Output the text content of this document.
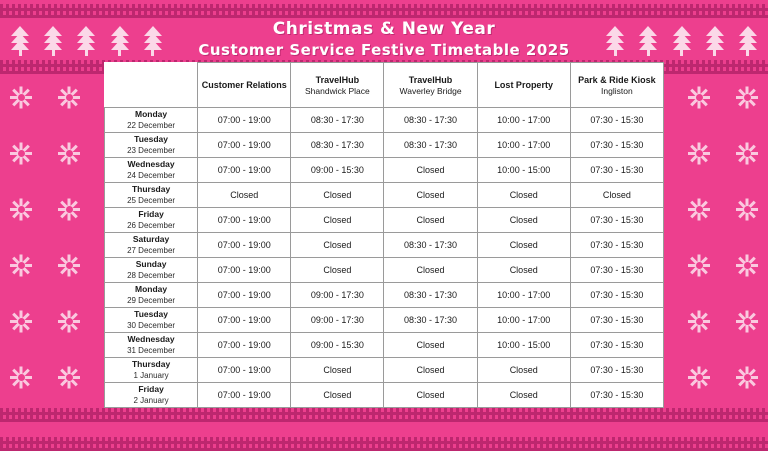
Christmas & New Year
Customer Service Festive Timetable 2025
	Customer Relations	TravelHub
Shandwick Place	TravelHub
Waverley Bridge	Lost Property	Park & Ride Kiosk
Ingliston

Monday
22 December	07:00 - 19:00	08:30 - 17:30	08:30 - 17:30	10:00 - 17:00	07:30 - 15:30

Tuesday
23 December	07:00 - 19:00	08:30 - 17:30	08:30 - 17:30	10:00 - 17:00	07:30 - 15:30

Wednesday
24 December	07:00 - 19:00	09:00 - 15:30	Closed	10:00 - 15:00	07:30 - 15:30

Thursday
25 December	Closed	Closed	Closed	Closed	Closed

Friday
26 December	07:00 - 19:00	Closed	Closed	Closed	07:30 - 15:30

Saturday
27 December	07:00 - 19:00	Closed	08:30 - 17:30	Closed	07:30 - 15:30

Sunday
28 December	07:00 - 19:00	Closed	Closed	Closed	07:30 - 15:30

Monday
29 December	07:00 - 19:00	09:00 - 17:30	08:30 - 17:30	10:00 - 17:00	07:30 - 15:30

Tuesday
30 December	07:00 - 19:00	09:00 - 17:30	08:30 - 17:30	10:00 - 17:00	07:30 - 15:30

Wednesday
31 December	07:00 - 19:00	09:00 - 15:30	Closed	10:00 - 15:00	07:30 - 15:30

Thursday
1 January	07:00 - 19:00	Closed	Closed	Closed	07:30 - 15:30

Friday
2 January	07:00 - 19:00	Closed	Closed	Closed	07:30 - 15:30
